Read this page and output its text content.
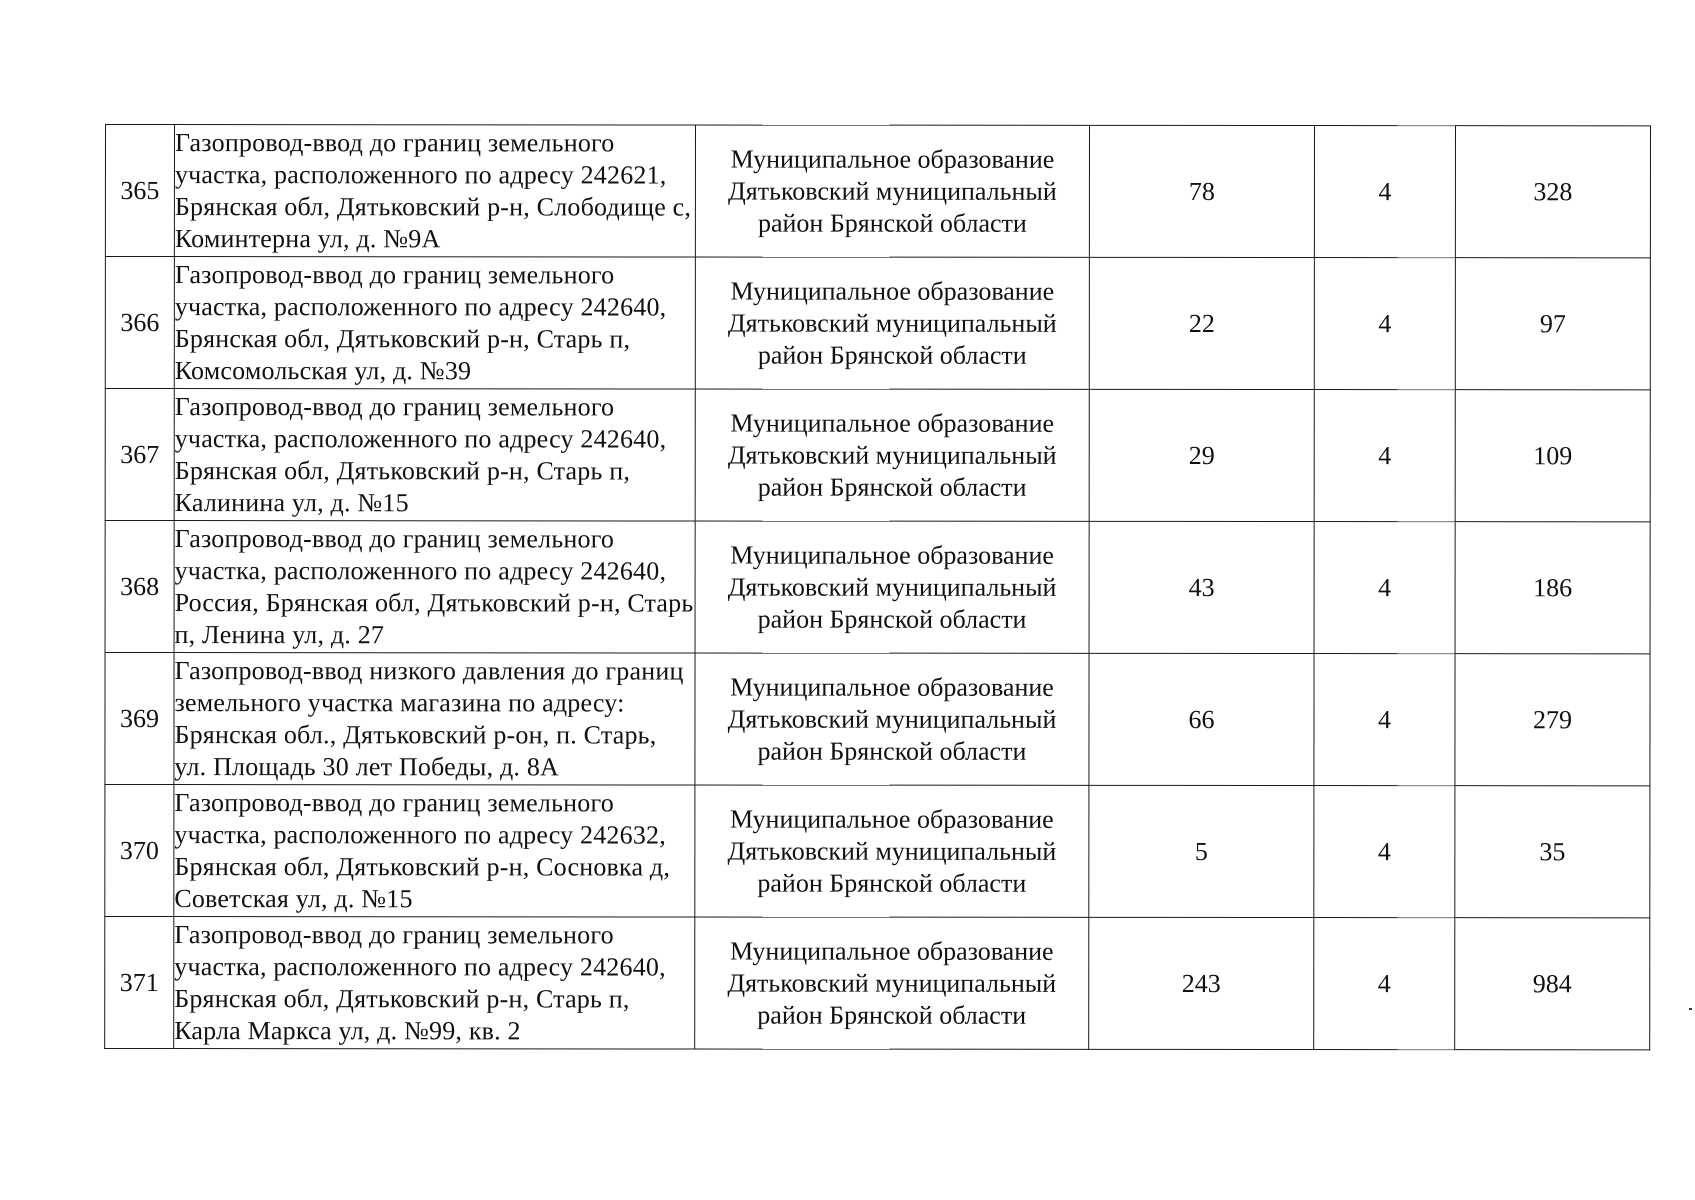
365	Газопровод-ввод до границ земельного участка, расположенного по адресу 242621, Брянская обл, Дятьковский р-н, Слободище с, Коминтерна ул, д. №9А	Муниципальное образование Дятьковский муниципальный район Брянской области	78	4	328
366	Газопровод-ввод до границ земельного участка, расположенного по адресу 242640, Брянская обл, Дятьковский р-н, Старь п, Комсомольская ул, д. №39	Муниципальное образование Дятьковский муниципальный район Брянской области	22	4	97
367	Газопровод-ввод до границ земельного участка, расположенного по адресу 242640, Брянская обл, Дятьковский р-н, Старь п, Калинина ул, д. №15	Муниципальное образование Дятьковский муниципальный район Брянской области	29	4	109
368	Газопровод-ввод до границ земельного участка, расположенного по адресу 242640, Россия, Брянская обл, Дятьковский р-н, Старь п, Ленина ул, д. 27	Муниципальное образование Дятьковский муниципальный район Брянской области	43	4	186
369	Газопровод-ввод низкого давления до границ земельного участка магазина по адресу: Брянская обл., Дятьковский р-он, п. Старь, ул. Площадь 30 лет Победы, д. 8А	Муниципальное образование Дятьковский муниципальный район Брянской области	66	4	279
370	Газопровод-ввод до границ земельного участка, расположенного по адресу 242632, Брянская обл, Дятьковский р-н, Сосновка д, Советская ул, д. №15	Муниципальное образование Дятьковский муниципальный район Брянской области	5	4	35
371	Газопровод-ввод до границ земельного участка, расположенного по адресу 242640, Брянская обл, Дятьковский р-н, Старь п, Карла Маркса ул, д. №99, кв. 2	Муниципальное образование Дятьковский муниципальный район Брянской области	243	4	984
